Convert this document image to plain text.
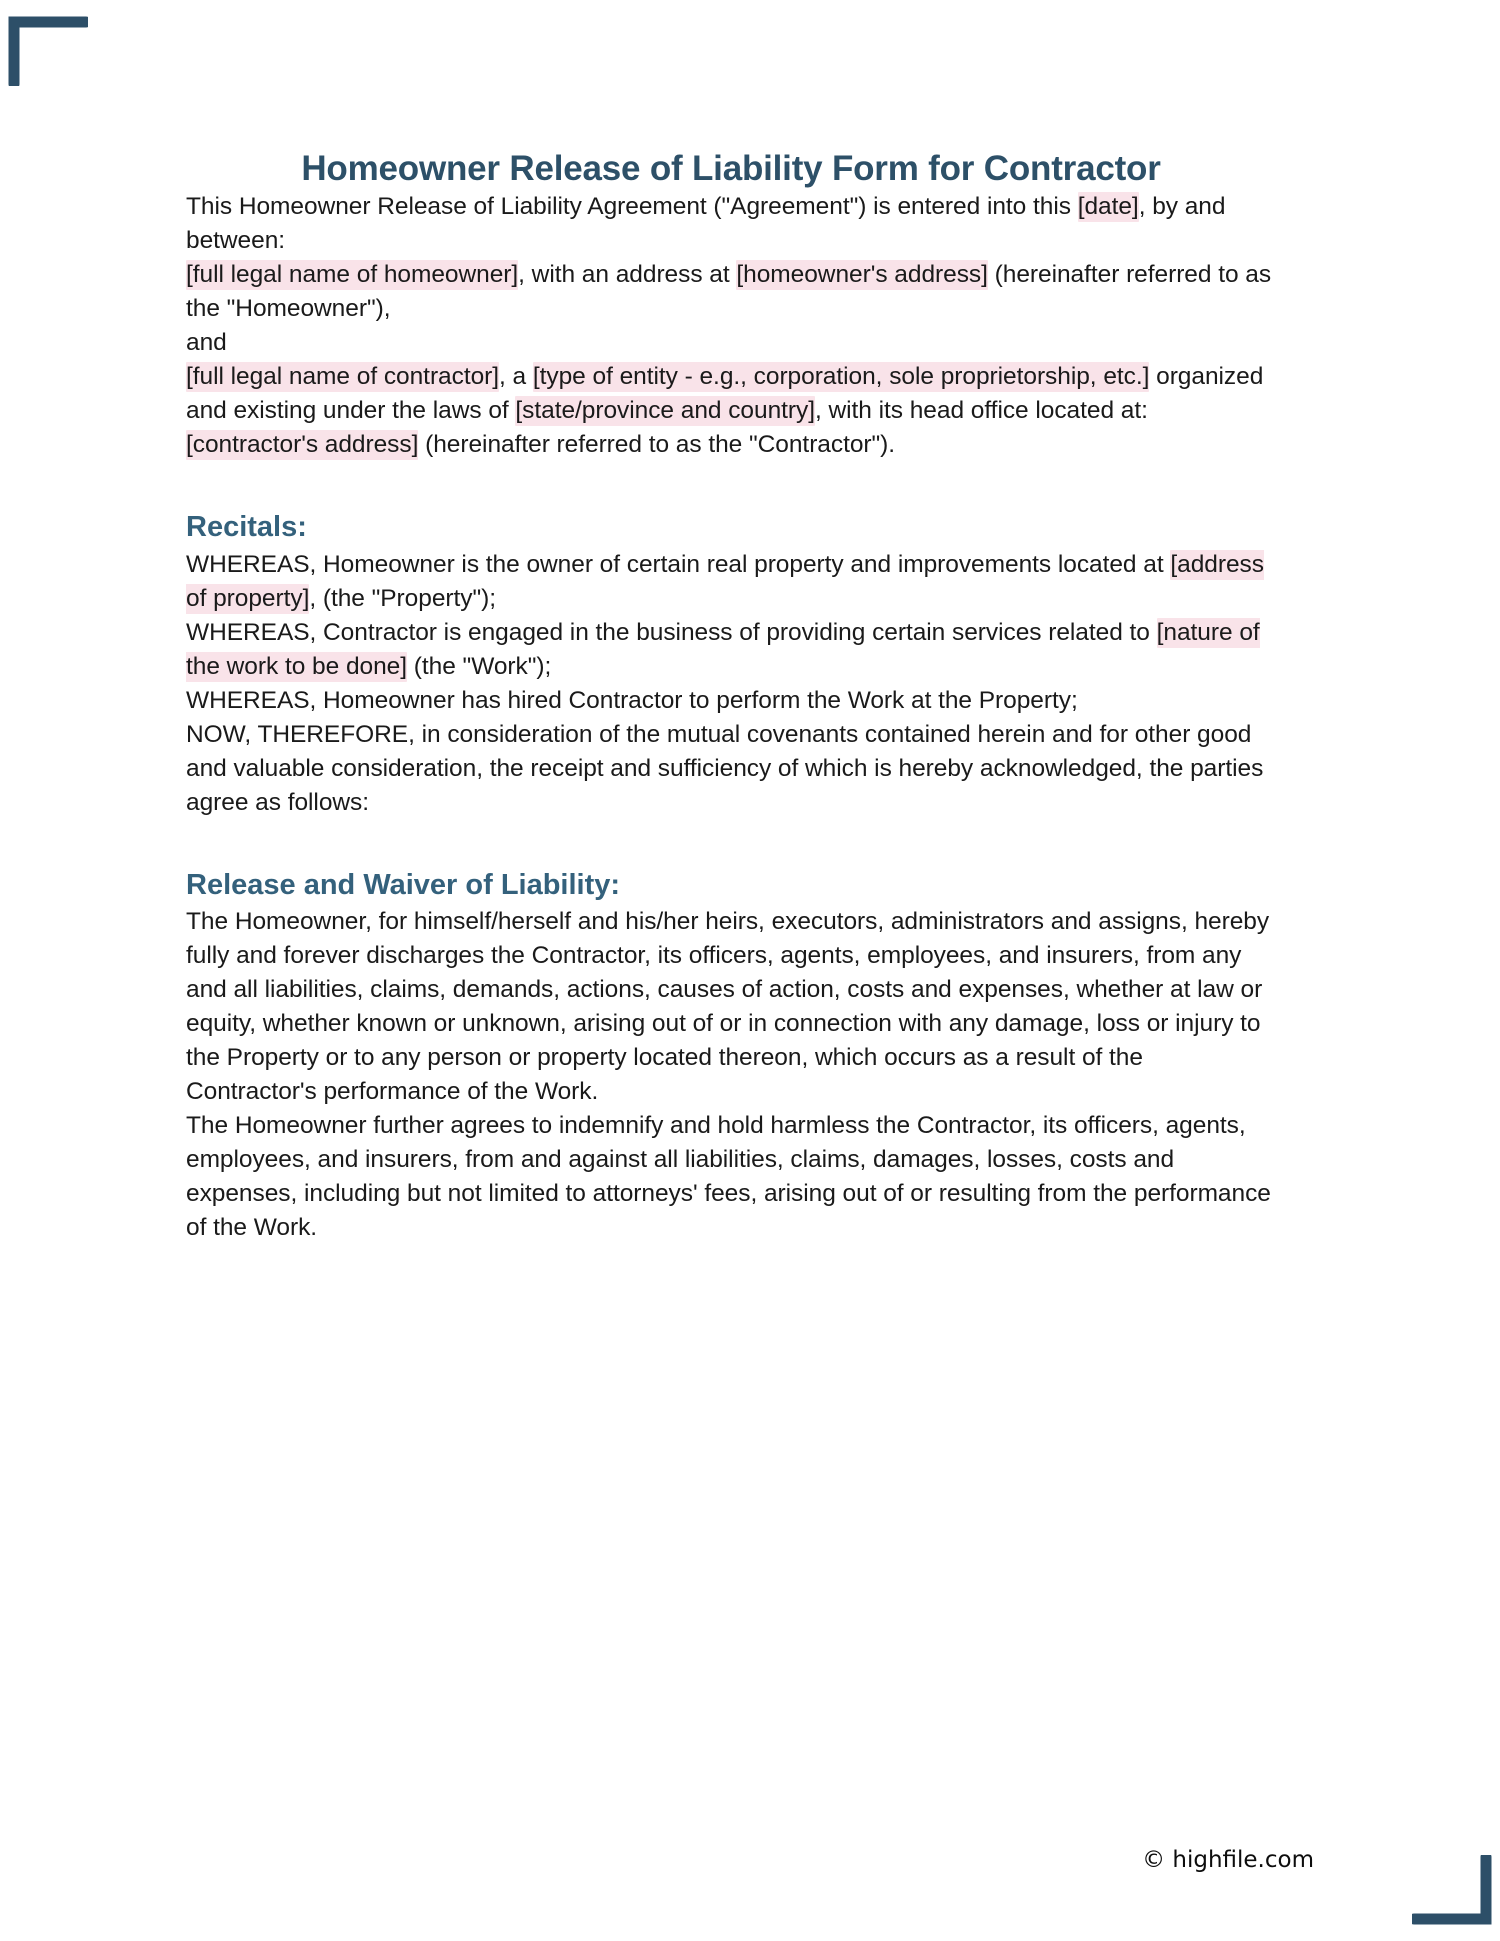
Homeowner Release of Liability Form for Contractor

This Homeowner Release of Liability Agreement ("Agreement") is entered into this [date], by and between:

[full legal name of homeowner], with an address at [homeowner's address] (hereinafter referred to as the "Homeowner"),

and

[full legal name of contractor], a [type of entity - e.g., corporation, sole proprietorship, etc.] organized and existing under the laws of [state/province and country], with its head office located at: [contractor's address] (hereinafter referred to as the "Contractor").

Recitals:

WHEREAS, Homeowner is the owner of certain real property and improvements located at [address of property], (the "Property");

WHEREAS, Contractor is engaged in the business of providing certain services related to [nature of the work to be done] (the "Work");

WHEREAS, Homeowner has hired Contractor to perform the Work at the Property;

NOW, THEREFORE, in consideration of the mutual covenants contained herein and for other good and valuable consideration, the receipt and sufficiency of which is hereby acknowledged, the parties agree as follows:

Release and Waiver of Liability:

The Homeowner, for himself/herself and his/her heirs, executors, administrators and assigns, hereby fully and forever discharges the Contractor, its officers, agents, employees, and insurers, from any and all liabilities, claims, demands, actions, causes of action, costs and expenses, whether at law or equity, whether known or unknown, arising out of or in connection with any damage, loss or injury to the Property or to any person or property located thereon, which occurs as a result of the Contractor's performance of the Work.

The Homeowner further agrees to indemnify and hold harmless the Contractor, its officers, agents, employees, and insurers, from and against all liabilities, claims, damages, losses, costs and expenses, including but not limited to attorneys' fees, arising out of or resulting from the performance of the Work.

© highfile.com
